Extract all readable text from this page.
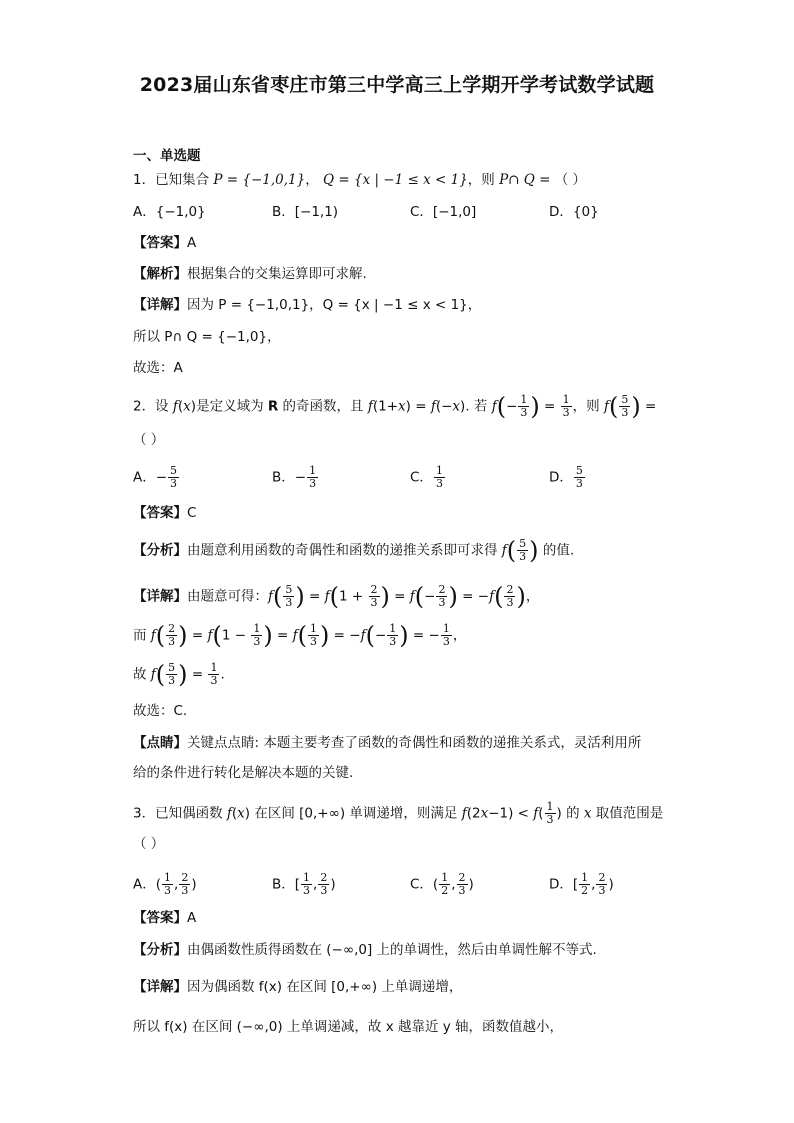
2023届山东省枣庄市第三中学高三上学期开学考试数学试题
一、单选题
1．已知集合 P = {−1,0,1}， Q = {x | −1 ≤ x < 1}，则 P∩ Q = （ ）
A．{−1,0}	B．[−1,1)	C．[−1,0]	D．{0}
【答案】A
【解析】根据集合的交集运算即可求解.
【详解】因为 P = {−1,0,1}，Q = {x | −1 ≤ x < 1}，
所以 P∩ Q = {−1,0}，
故选：A
2．设 f(x)是定义域为 R 的奇函数，且 f(1+x) = f(−x). 若 $f(- \frac{1}{3}$ ) = $\frac{1}{3}$ ，则 $f( \frac{5}{3}$ ) =
（ ）
A．− $\frac{5}{3}$	B．− $\frac{1}{3}$	C． $\frac{1}{3}$	D． $\frac{5}{3}$
【答案】C
【分析】由题意利用函数的奇偶性和函数的递推关系即可求得 $f( \frac{5}{3}$ ) 的值.
【详解】由题意可得：$f( \frac{5}{3}$ ) = $f(1 + \frac{2}{3}$ ) = $f(- \frac{2}{3}$ ) = $-f( \frac{2}{3}$ )，
而 $f( \frac{2}{3}$ ) = $f(1 - \frac{1}{3}$ ) = $f( \frac{1}{3}$ ) = $-f(- \frac{1}{3}$ ) = − $\frac{1}{3}$ ，
故 $f( \frac{5}{3}$ ) = $\frac{1}{3}$ .
故选：C.
【点睛】关键点点睛: 本题主要考查了函数的奇偶性和函数的递推关系式，灵活利用所
给的条件进行转化是解决本题的关键.
3．已知偶函数 f(x) 在区间 [0,+∞) 单调递增，则满足 $f(2x-1) < f( \frac{1}{3}$ ) 的 x 取值范围是
（ ）
A．( $\frac{1}{3}$ , $\frac{2}{3}$ )	B．[ $\frac{1}{3}$ , $\frac{2}{3}$ )	C．( $\frac{1}{2}$ , $\frac{2}{3}$ )	D．[ $\frac{1}{2}$ , $\frac{2}{3}$ )
【答案】A
【分析】由偶函数性质得函数在 (−∞,0] 上的单调性，然后由单调性解不等式.
【详解】因为偶函数 f(x) 在区间 [0,+∞) 上单调递增，
所以 f(x) 在区间 (−∞,0) 上单调递减，故 x 越靠近 y 轴，函数值越小，
